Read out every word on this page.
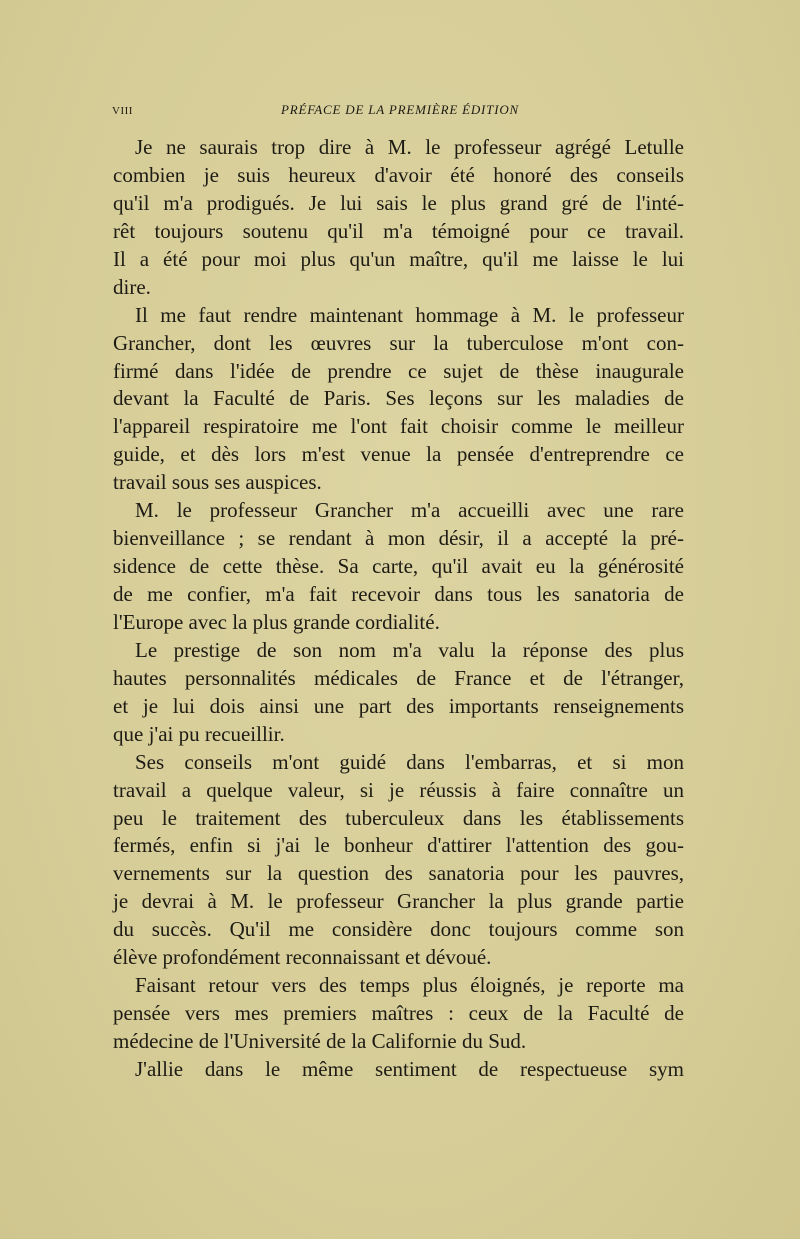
VIII	PRÉFACE DE LA PREMIÈRE ÉDITION
Je ne saurais trop dire à M. le professeur agrégé Letulle
combien je suis heureux d'avoir été honoré des conseils
qu'il m'a prodigués. Je lui sais le plus grand gré de l'inté-
rêt toujours soutenu qu'il m'a témoigné pour ce travail.
Il a été pour moi plus qu'un maître, qu'il me laisse le lui
dire.
Il me faut rendre maintenant hommage à M. le professeur
Grancher, dont les œuvres sur la tuberculose m'ont con-
firmé dans l'idée de prendre ce sujet de thèse inaugurale
devant la Faculté de Paris. Ses leçons sur les maladies de
l'appareil respiratoire me l'ont fait choisir comme le meilleur
guide, et dès lors m'est venue la pensée d'entreprendre ce
travail sous ses auspices.
M. le professeur Grancher m'a accueilli avec une rare
bienveillance ; se rendant à mon désir, il a accepté la pré-
sidence de cette thèse. Sa carte, qu'il avait eu la générosité
de me confier, m'a fait recevoir dans tous les sanatoria de
l'Europe avec la plus grande cordialité.
Le prestige de son nom m'a valu la réponse des plus
hautes personnalités médicales de France et de l'étranger,
et je lui dois ainsi une part des importants renseignements
que j'ai pu recueillir.
Ses conseils m'ont guidé dans l'embarras, et si mon
travail a quelque valeur, si je réussis à faire connaître un
peu le traitement des tuberculeux dans les établissements
fermés, enfin si j'ai le bonheur d'attirer l'attention des gou-
vernements sur la question des sanatoria pour les pauvres,
je devrai à M. le professeur Grancher la plus grande partie
du succès. Qu'il me considère donc toujours comme son
élève profondément reconnaissant et dévoué.
Faisant retour vers des temps plus éloignés, je reporte ma
pensée vers mes premiers maîtres : ceux de la Faculté de
médecine de l'Université de la Californie du Sud.
J'allie dans le même sentiment de respectueuse sym
